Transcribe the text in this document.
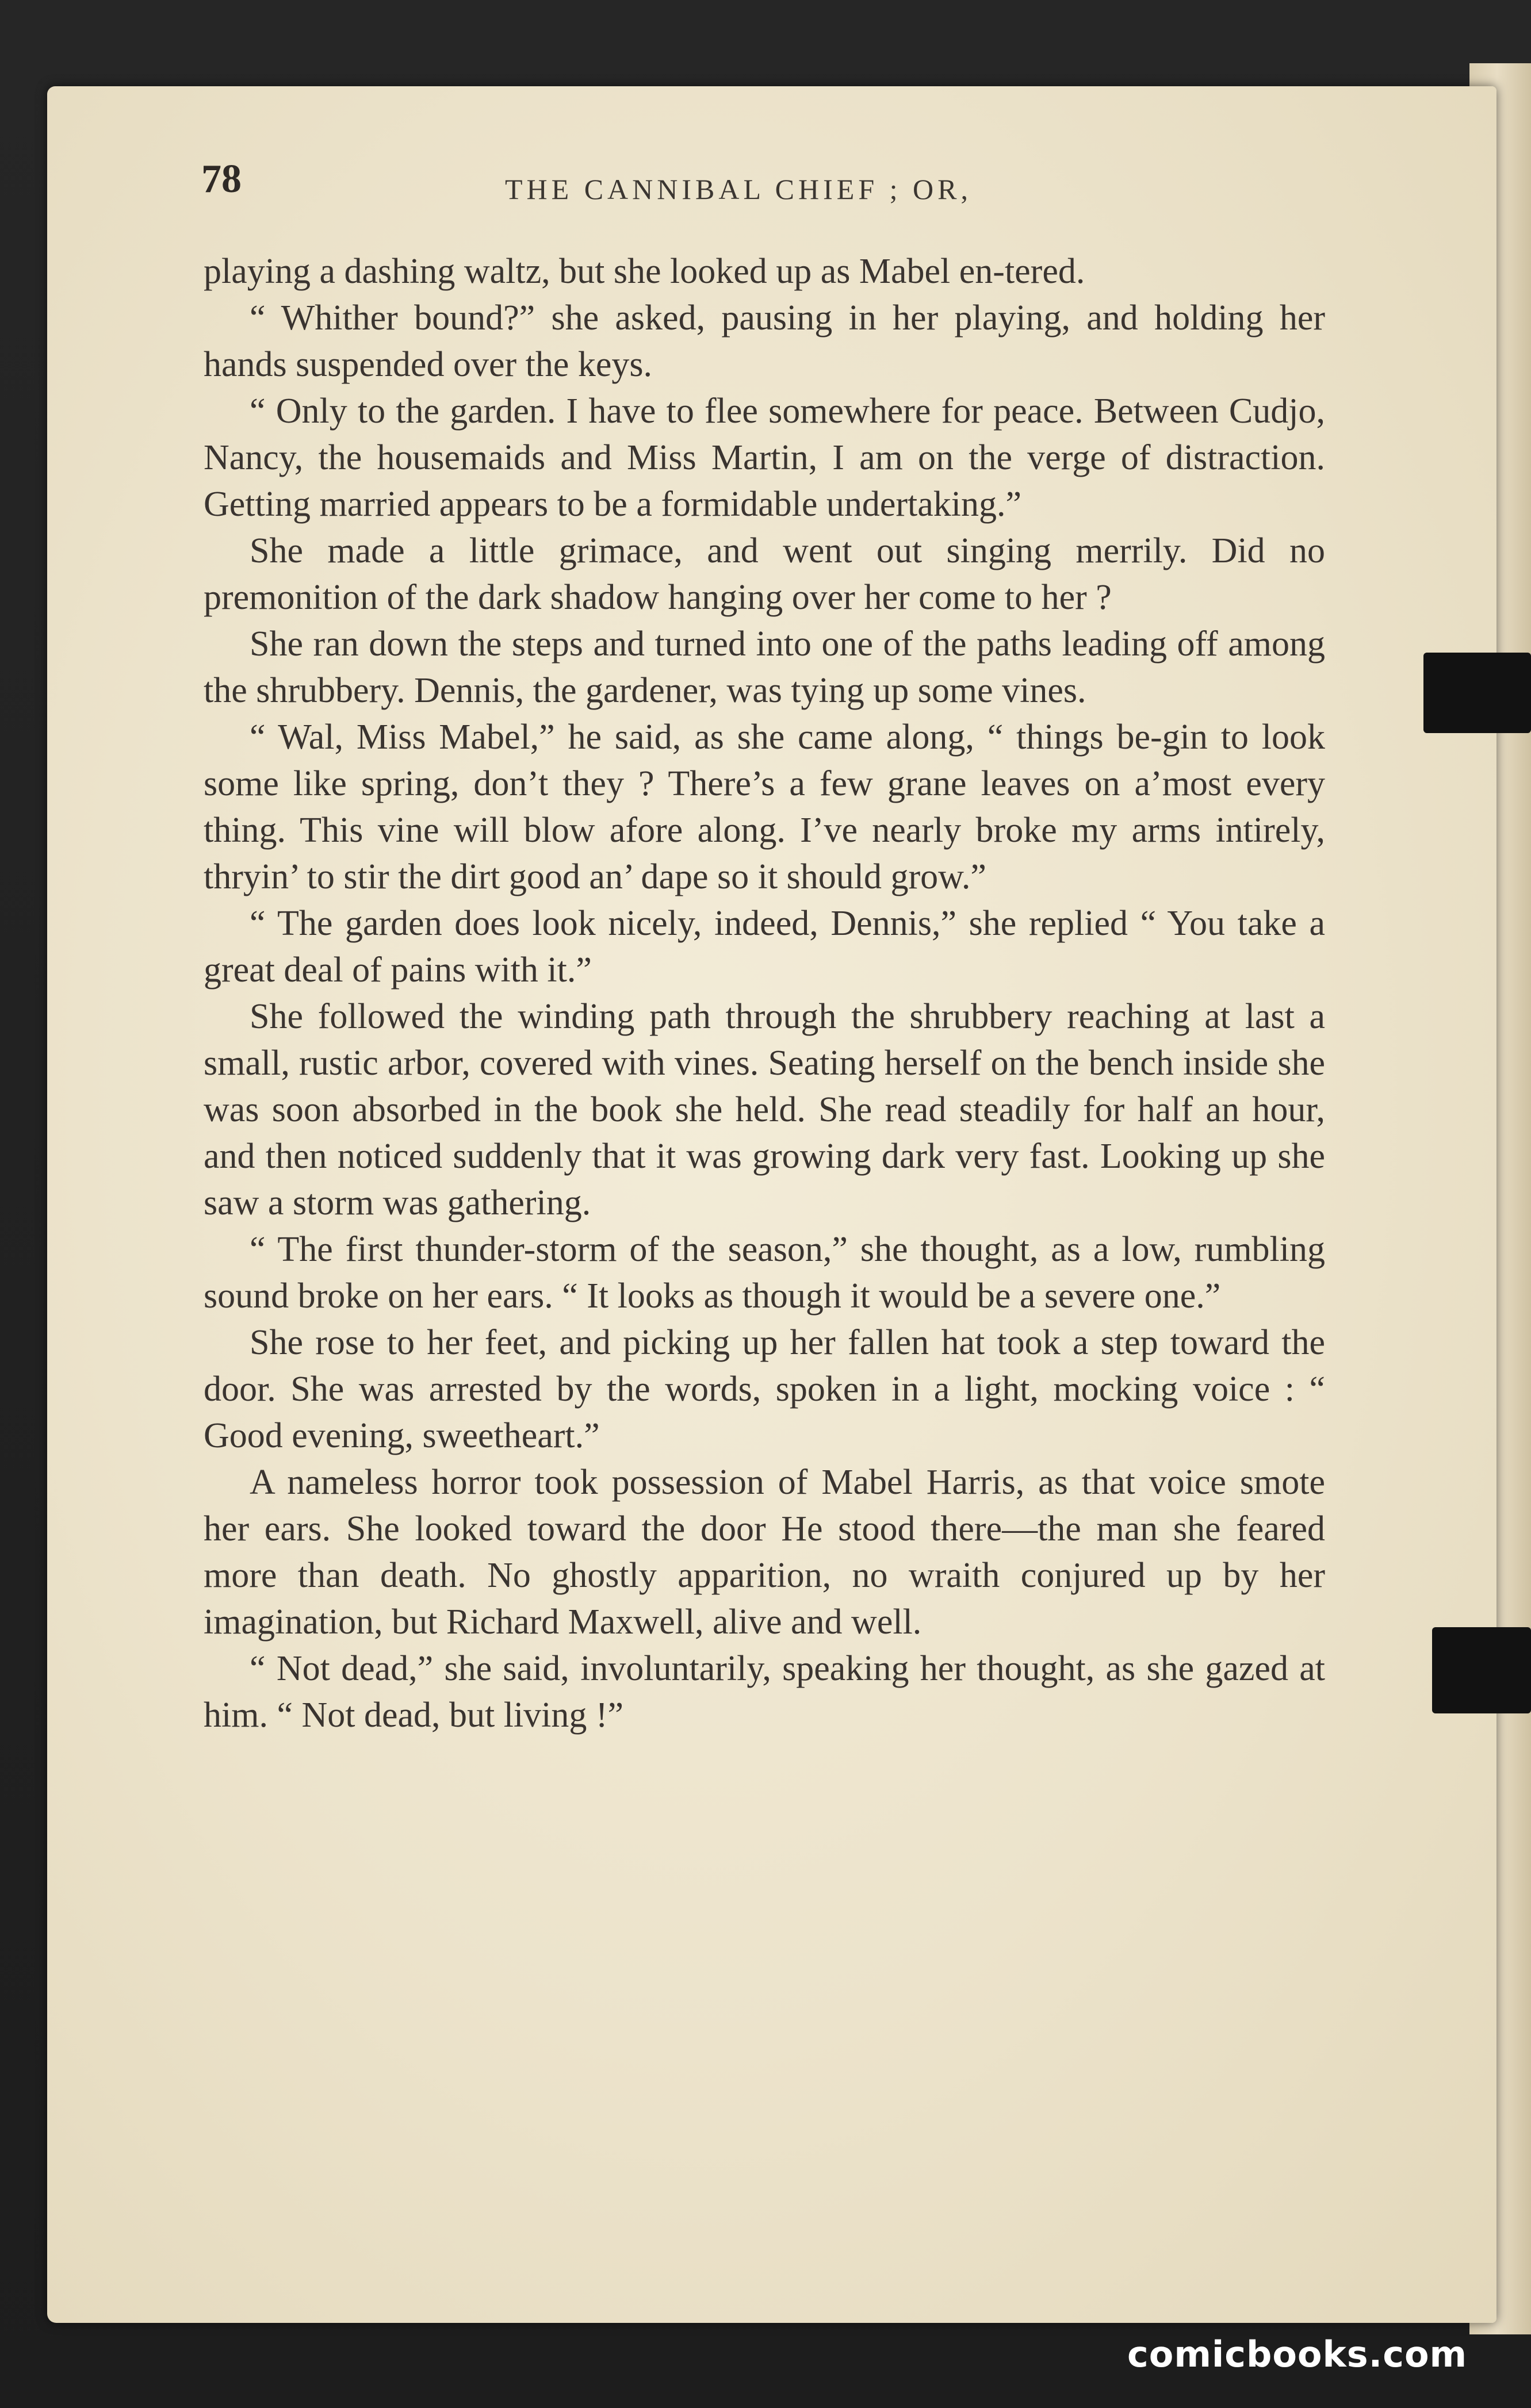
78	THE CANNIBAL CHIEF ; OR,

playing a dashing waltz, but she looked up as Mabel en-tered.

“ Whither bound?” she asked, pausing in her playing, and holding her hands suspended over the keys.

“ Only to the garden. I have to flee somewhere for peace. Between Cudjo, Nancy, the housemaids and Miss Martin, I am on the verge of distraction. Getting married appears to be a formidable undertaking.”

She made a little grimace, and went out singing merrily. Did no premonition of the dark shadow hanging over her come to her ?

She ran down the steps and turned into one of the paths leading off among the shrubbery. Dennis, the gardener, was tying up some vines.

“ Wal, Miss Mabel,” he said, as she came along, “ things be-gin to look some like spring, don’t they ? There’s a few grane leaves on a’most every thing. This vine will blow afore along. I’ve nearly broke my arms intirely, thryin’ to stir the dirt good an’ dape so it should grow.”

“ The garden does look nicely, indeed, Dennis,” she replied “ You take a great deal of pains with it.”

She followed the winding path through the shrubbery reaching at last a small, rustic arbor, covered with vines. Seating herself on the bench inside she was soon absorbed in the book she held. She read steadily for half an hour, and then noticed suddenly that it was growing dark very fast. Looking up she saw a storm was gathering.

“ The first thunder-storm of the season,” she thought, as a low, rumbling sound broke on her ears. “ It looks as though it would be a severe one.”

She rose to her feet, and picking up her fallen hat took a step toward the door. She was arrested by the words, spoken in a light, mocking voice : “ Good evening, sweetheart.”

A nameless horror took possession of Mabel Harris, as that voice smote her ears. She looked toward the door He stood there—the man she feared more than death. No ghostly apparition, no wraith conjured up by her imagination, but Richard Maxwell, alive and well.

“ Not dead,” she said, involuntarily, speaking her thought, as she gazed at him. “ Not dead, but living !”

comicbooks.com
